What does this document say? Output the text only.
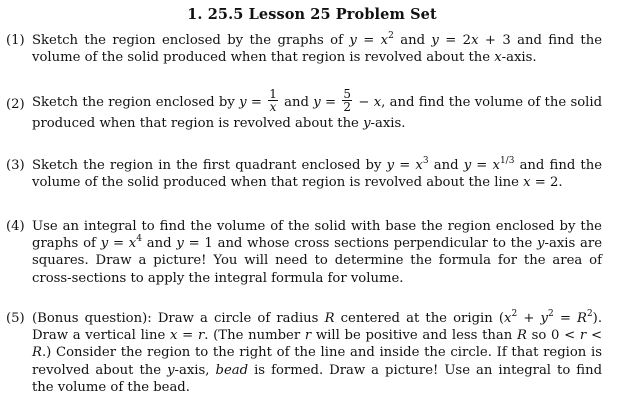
1. 25.5 Lesson 25 Problem Set
(1) Sketch the region enclosed by the graphs of $y = x^2$ and y = 2x + 3 and find the volume of the solid produced when that region is revolved about the x-axis.
(2) Sketch the region enclosed by $y = \frac{1}{x}$ and $y = \frac{5}{2} - x$, and find the volume of the solid produced when that region is revolved about the y-axis.
(3) Sketch the region in the first quadrant enclosed by $y = x^3$ and $y = x^{1/3}$ and find the volume of the solid produced when that region is revolved about the line x = 2.
(4) Use an integral to find the volume of the solid with base the region enclosed by the graphs of $y = x^4$ and y = 1 and whose cross sections perpendicular to the y-axis are squares. Draw a picture! You will need to determine the formula for the area of cross-sections to apply the integral formula for volume.
(5) (Bonus question): Draw a circle of radius R centered at the origin $(x^2 + y^2 = R^2)$. Draw a vertical line x = r. (The number r will be positive and less than R so 0 < r < R.) Consider the region to the right of the line and inside the circle. If that region is revolved about the y-axis, bead is formed. Draw a picture! Use an integral to find the volume of the bead.
